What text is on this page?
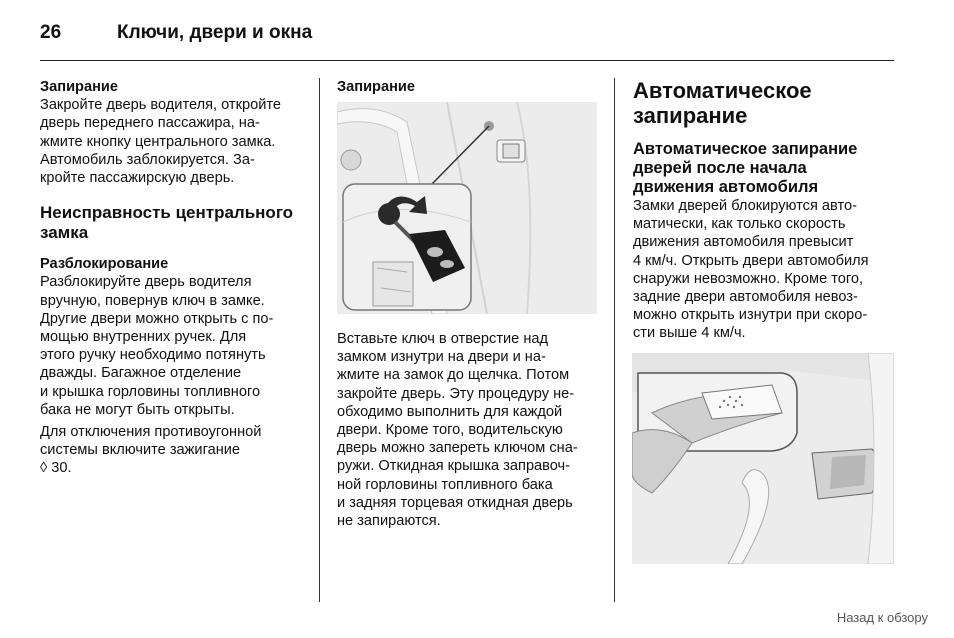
26	Ключи, двери и окна
Запирание
Закройте дверь водителя, откройте
дверь переднего пассажира, на-
жмите кнопку центрального замка.
Автомобиль заблокируется. За-
кройте пассажирскую дверь.
Неисправность центрального
замка
Разблокирование
Разблокируйте дверь водителя
вручную, повернув ключ в замке.
Другие двери можно открыть с по-
мощью внутренних ручек. Для
этого ручку необходимо потянуть
дважды. Багажное отделение
и крышка горловины топливного
бака не могут быть открыты.
Для отключения противоугонной
системы включите зажигание
◊ 30.
Запирание
Вставьте ключ в отверстие над
замком изнутри на двери и на-
жмите на замок до щелчка. Потом
закройте дверь. Эту процедуру не-
обходимо выполнить для каждой
двери. Кроме того, водительскую
дверь можно запереть ключом сна-
ружи. Откидная крышка заправоч-
ной горловины топливного бака
и задняя торцевая откидная дверь
не запираются.
Автоматическое
запирание
Автоматическое запирание
дверей после начала
движения автомобиля
Замки дверей блокируются авто-
матически, как только скорость
движения автомобиля превысит
4 км/ч. Открыть двери автомобиля
снаружи невозможно. Кроме того,
задние двери автомобиля невоз-
можно открыть изнутри при скоро-
сти выше 4 км/ч.
Назад к обзору
